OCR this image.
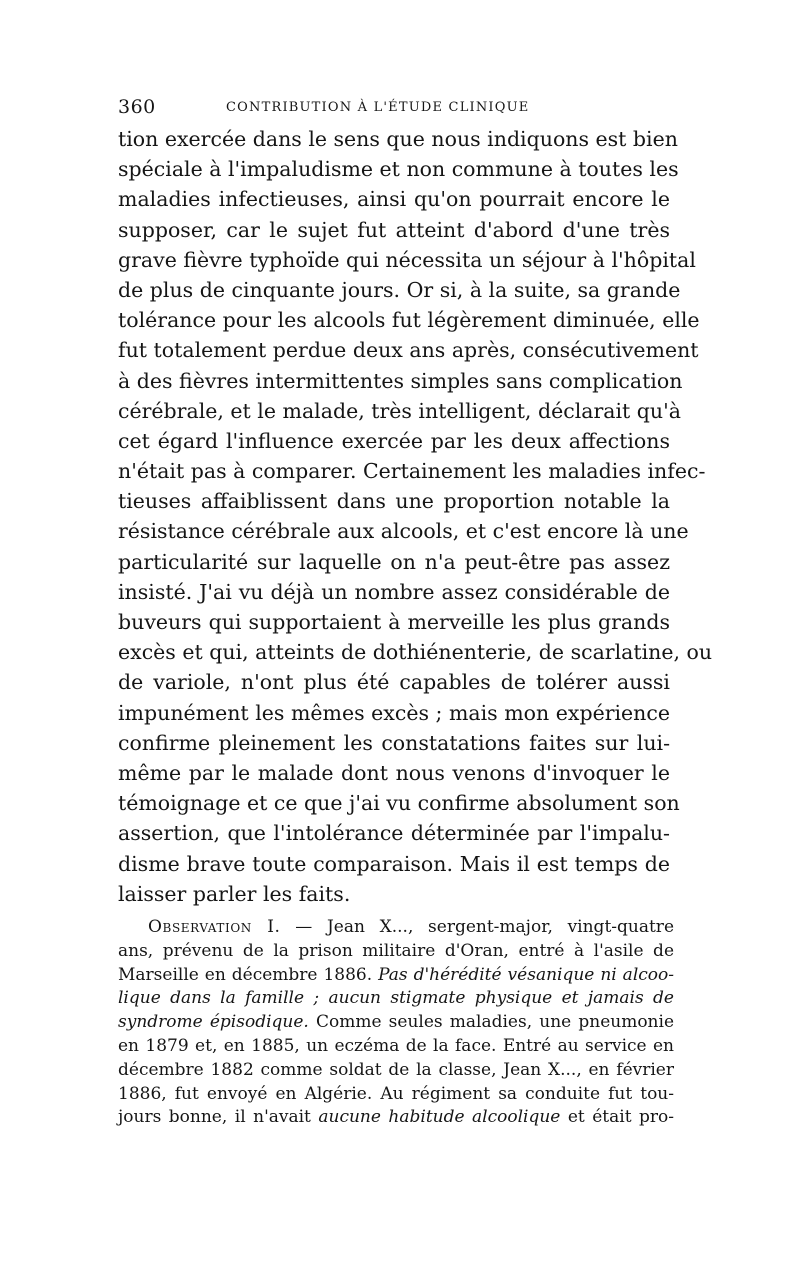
360	CONTRIBUTION À L'ÉTUDE CLINIQUE
tion exercée dans le sens que nous indiquons est bien
spéciale à l'impaludisme et non commune à toutes les
maladies infectieuses, ainsi qu'on pourrait encore le
supposer, car le sujet fut atteint d'abord d'une très
grave fièvre typhoïde qui nécessita un séjour à l'hôpital
de plus de cinquante jours. Or si, à la suite, sa grande
tolérance pour les alcools fut légèrement diminuée, elle
fut totalement perdue deux ans après, consécutivement
à des fièvres intermittentes simples sans complication
cérébrale, et le malade, très intelligent, déclarait qu'à
cet égard l'influence exercée par les deux affections
n'était pas à comparer. Certainement les maladies infec-
tieuses affaiblissent dans une proportion notable la
résistance cérébrale aux alcools, et c'est encore là une
particularité sur laquelle on n'a peut-être pas assez
insisté. J'ai vu déjà un nombre assez considérable de
buveurs qui supportaient à merveille les plus grands
excès et qui, atteints de dothiénenterie, de scarlatine, ou
de variole, n'ont plus été capables de tolérer aussi
impunément les mêmes excès ; mais mon expérience
confirme pleinement les constatations faites sur lui-
même par le malade dont nous venons d'invoquer le
témoignage et ce que j'ai vu confirme absolument son
assertion, que l'intolérance déterminée par l'impalu-
disme brave toute comparaison. Mais il est temps de
laisser parler les faits.
Observation I. — Jean X..., sergent-major, vingt-quatre
ans, prévenu de la prison militaire d'Oran, entré à l'asile de
Marseille en décembre 1886. Pas d'hérédité vésanique ni alcoo-
lique dans la famille ; aucun stigmate physique et jamais de
syndrome épisodique. Comme seules maladies, une pneumonie
en 1879 et, en 1885, un eczéma de la face. Entré au service en
décembre 1882 comme soldat de la classe, Jean X..., en février
1886, fut envoyé en Algérie. Au régiment sa conduite fut tou-
jours bonne, il n'avait aucune habitude alcoolique et était pro-
